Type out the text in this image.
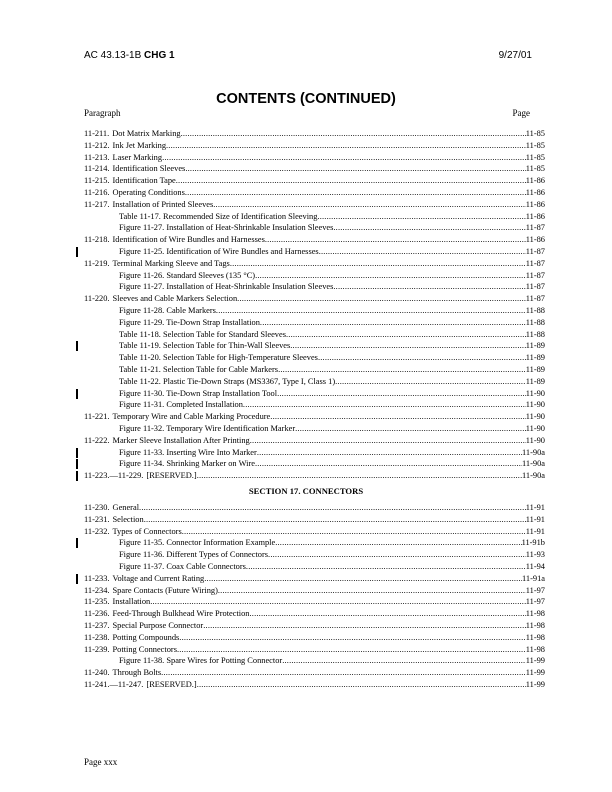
AC 43.13-1B CHG 1	9/27/01
CONTENTS (CONTINUED)
Paragraph	Page
11-211. Dot Matrix Marking .....	11-85
11-212. Ink Jet Marking .....	11-85
11-213. Laser Marking .....	11-85
11-214. Identification Sleeves .....	11-85
11-215. Identification Tape .....	11-86
11-216. Operating Conditions .....	11-86
11-217. Installation of Printed Sleeves .....	11-86
Table 11-17. Recommended Size of Identification Sleeving .....	11-86
Figure 11-27. Installation of Heat-Shrinkable Insulation Sleeves .....	11-87
11-218. Identification of Wire Bundles and Harnesses .....	11-86
Figure 11-25. Identification of Wire Bundles and Harnesses .....	11-87
11-219. Terminal Marking Sleeve and Tags .....	11-87
Figure 11-26. Standard Sleeves (135 °C) .....	11-87
Figure 11-27. Installation of Heat-Shrinkable Insulation Sleeves .....	11-87
11-220. Sleeves and Cable Markers Selection .....	11-87
Figure 11-28. Cable Markers .....	11-88
Figure 11-29. Tie-Down Strap Installation .....	11-88
Table 11-18. Selection Table for Standard Sleeves .....	11-88
Table 11-19. Selection Table for Thin-Wall Sleeves .....	11-89
Table 11-20. Selection Table for High-Temperature Sleeves .....	11-89
Table 11-21. Selection Table for Cable Markers .....	11-89
Table 11-22. Plastic Tie-Down Straps (MS3367, Type I, Class 1) .....	11-89
Figure 11-30. Tie-Down Strap Installation Tool .....	11-90
Figure 11-31. Completed Installation .....	11-90
11-221. Temporary Wire and Cable Marking Procedure .....	11-90
Figure 11-32. Temporary Wire Identification Marker .....	11-90
11-222. Marker Sleeve Installation After Printing .....	11-90
Figure 11-33. Inserting Wire Into Marker .....	11-90a
Figure 11-34. Shrinking Marker on Wire .....	11-90a
11-223.—11-229. [RESERVED.] .....	11-90a
SECTION 17. CONNECTORS
11-230. General .....	11-91
11-231. Selection .....	11-91
11-232. Types of Connectors .....	11-91
Figure 11-35. Connector Information Example .....	11-91b
Figure 11-36. Different Types of Connectors .....	11-93
Figure 11-37. Coax Cable Connectors .....	11-94
11-233. Voltage and Current Rating .....	11-91a
11-234. Spare Contacts (Future Wiring) .....	11-97
11-235. Installation .....	11-97
11-236. Feed-Through Bulkhead Wire Protection .....	11-98
11-237. Special Purpose Connector .....	11-98
11-238. Potting Compounds .....	11-98
11-239. Potting Connectors .....	11-98
Figure 11-38. Spare Wires for Potting Connector .....	11-99
11-240. Through Bolts .....	11-99
11-241.—11-247. [RESERVED.] .....	11-99
Page xxx
